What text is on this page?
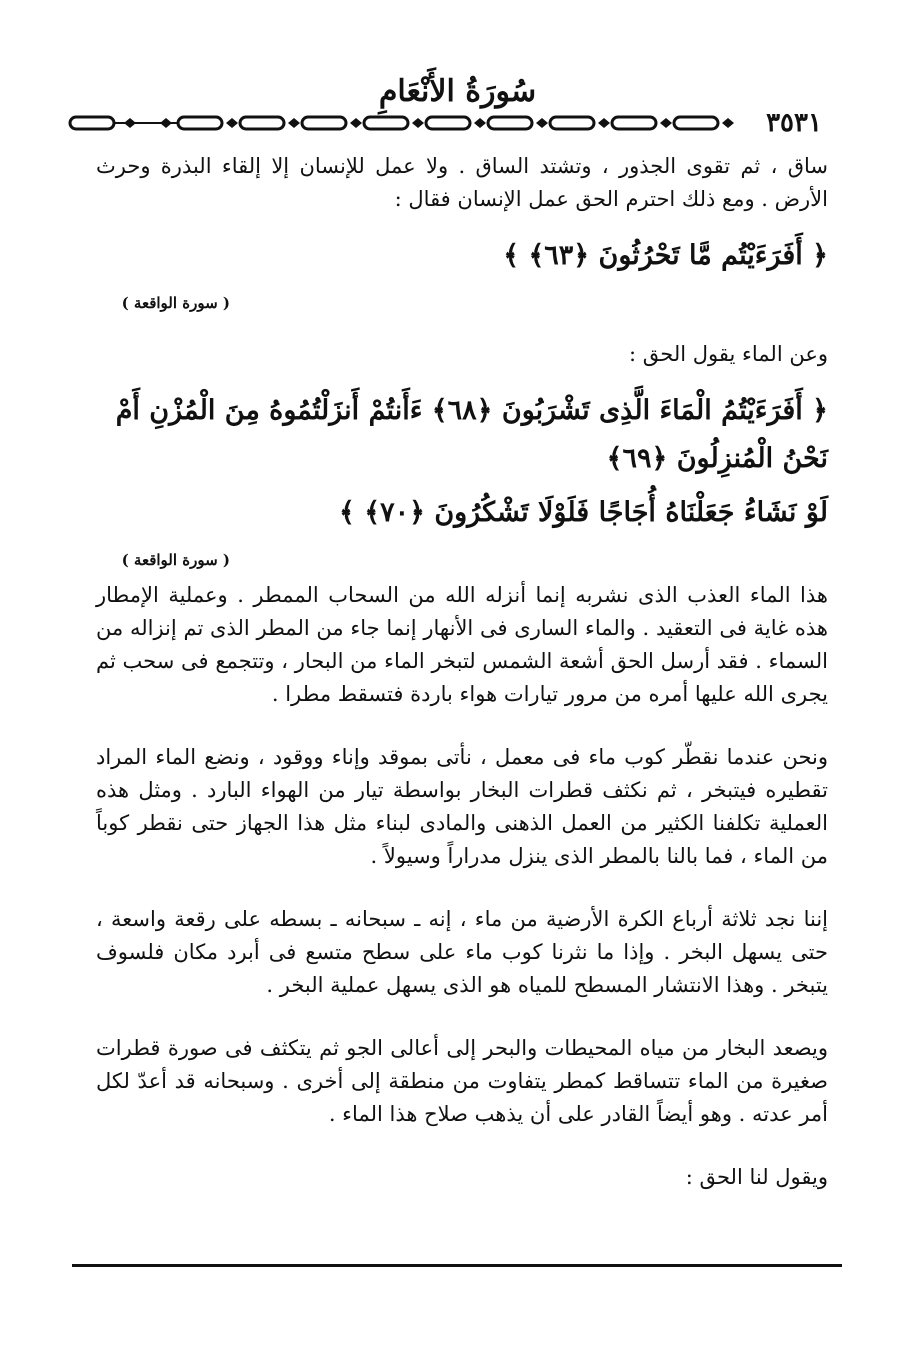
سُورَةُ الأَنْعَامِ
٣٥٣١

ساق ، ثم تقوى الجذور ، وتشتد الساق . ولا عمل للإنسان إلا إلقاء البذرة وحرث الأرض . ومع ذلك احترم الحق عمل الإنسان فقال :

﴿ أَفَرَءَيْتُم مَّا تَحْرُثُونَ ﴿٦٣﴾ ﴾

( سورة الواقعة )

وعن الماء يقول الحق :

﴿ أَفَرَءَيْتُمُ الْمَاءَ الَّذِى تَشْرَبُونَ ﴿٦٨﴾ ءَأَنتُمْ أَنزَلْتُمُوهُ مِنَ الْمُزْنِ أَمْ نَحْنُ الْمُنزِلُونَ ﴿٦٩﴾

لَوْ نَشَاءُ جَعَلْنَاهُ أُجَاجًا فَلَوْلَا تَشْكُرُونَ ﴿٧٠﴾ ﴾

( سورة الواقعة )

هذا الماء العذب الذى نشربه إنما أنزله الله من السحاب الممطر . وعملية الإمطار هذه غاية فى التعقيد . والماء السارى فى الأنهار إنما جاء من المطر الذى تم إنزاله من السماء . فقد أرسل الحق أشعة الشمس لتبخر الماء من البحار ، وتتجمع فى سحب ثم يجرى الله عليها أمره من مرور تيارات هواء باردة فتسقط مطرا .

ونحن عندما نقطّر كوب ماء فى معمل ، نأتى بموقد وإناء ووقود ، ونضع الماء المراد تقطيره فيتبخر ، ثم نكثف قطرات البخار بواسطة تيار من الهواء البارد . ومثل هذه العملية تكلفنا الكثير من العمل الذهنى والمادى لبناء مثل هذا الجهاز حتى نقطر كوباً من الماء ، فما بالنا بالمطر الذى ينزل مدراراً وسيولاً .

إننا نجد ثلاثة أرباع الكرة الأرضية من ماء ، إنه ـ سبحانه ـ بسطه على رقعة واسعة ، حتى يسهل البخر . وإذا ما نثرنا كوب ماء على سطح متسع فى أبرد مكان فلسوف يتبخر . وهذا الانتشار المسطح للمياه هو الذى يسهل عملية البخر .

ويصعد البخار من مياه المحيطات والبحر إلى أعالى الجو ثم يتكثف فى صورة قطرات صغيرة من الماء تتساقط كمطر يتفاوت من منطقة إلى أخرى . وسبحانه قد أعدّ لكل أمر عدته . وهو أيضاً القادر على أن يذهب صلاح هذا الماء .

ويقول لنا الحق :
